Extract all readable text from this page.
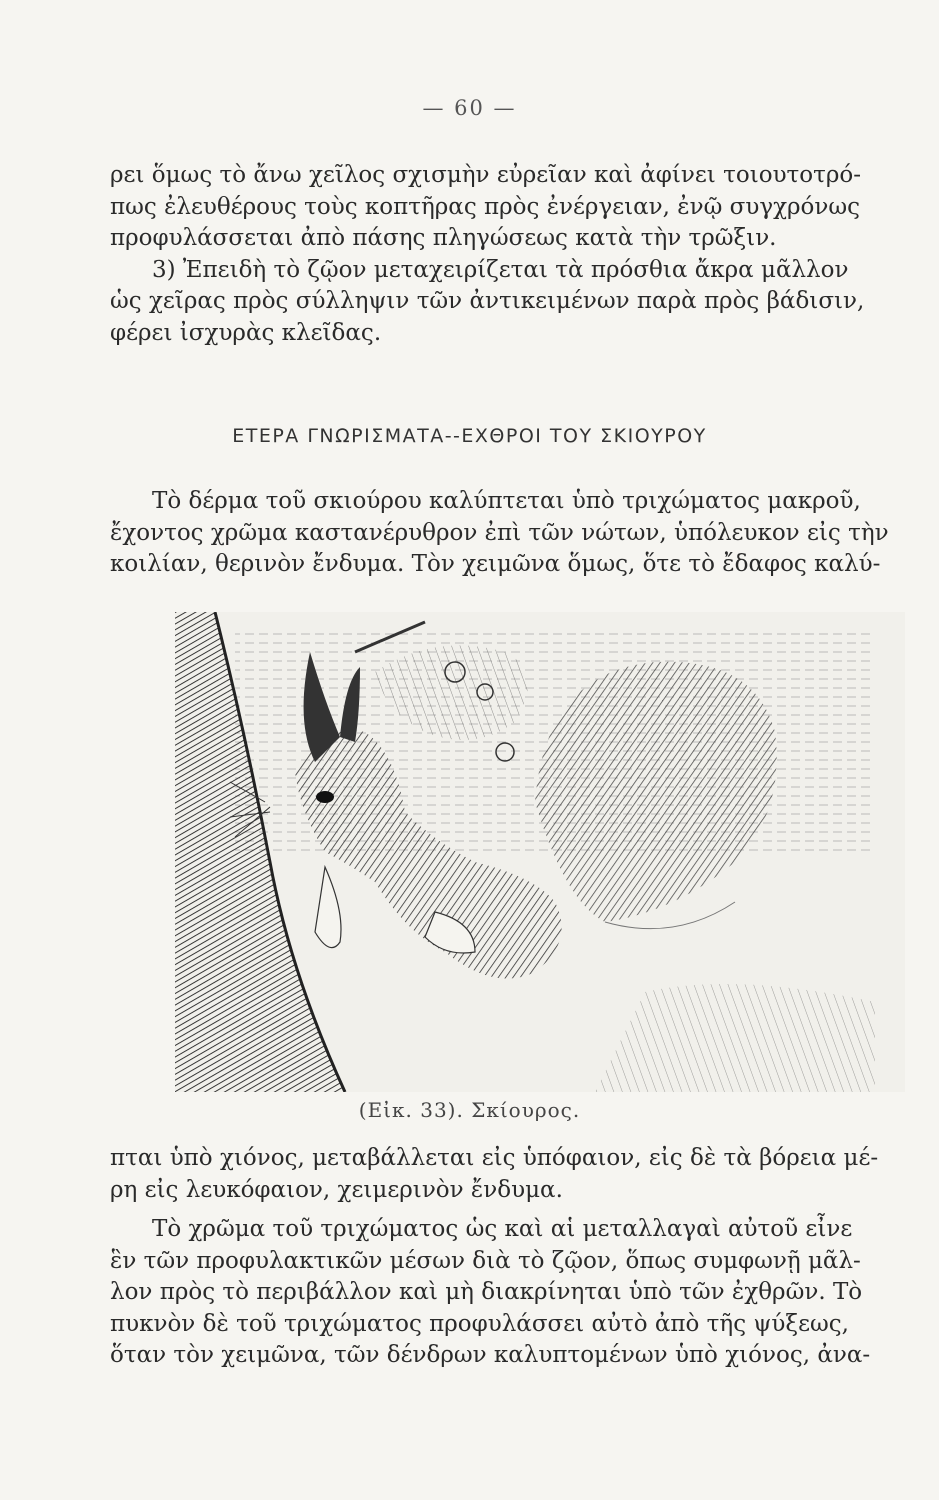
— 60 —

ρει ὅμως τὸ ἄνω χεῖλος σχισμὴν εὐρεῖαν καὶ ἀφίνει τοιουτοτρό-

πως ἐλευθέρους τοὺς κοπτῆρας πρὸς ἐνέργειαν, ἐνῷ συγχρόνως

προφυλάσσεται ἀπὸ πάσης πληγώσεως κατὰ τὴν τρῶξιν.

3) Ἐπειδὴ τὸ ζῷον μεταχειρίζεται τὰ πρόσθια ἄκρα μᾶλλον

ὡς χεῖρας πρὸς σύλληψιν τῶν ἀντικειμένων παρὰ πρὸς βάδισιν,

φέρει ἰσχυρὰς κλεῖδας.

ΕΤΕΡΑ ΓΝΩΡΙΣΜΑΤΑ--ΕΧΘΡΟΙ ΤΟΥ ΣΚΙΟΥΡΟΥ

Τὸ δέρμα τοῦ σκιούρου καλύπτεται ὑπὸ τριχώματος μακροῦ,

ἔχοντος χρῶμα καστανέρυθρον ἐπὶ τῶν νώτων, ὑπόλευκον εἰς τὴν

κοιλίαν, θερινὸν ἔνδυμα. Τὸν χειμῶνα ὅμως, ὅτε τὸ ἔδαφος καλύ-

(Εἰκ. 33). Σκίουρος.

πται ὑπὸ χιόνος, μεταβάλλεται εἰς ὑπόφαιον, εἰς δὲ τὰ βόρεια μέ-

ρη εἰς λευκόφαιον, χειμερινὸν ἔνδυμα.

Τὸ χρῶμα τοῦ τριχώματος ὡς καὶ αἱ μεταλλαγαὶ αὐτοῦ εἶνε

ἓν τῶν προφυλακτικῶν μέσων διὰ τὸ ζῷον, ὅπως συμφωνῇ μᾶλ-

λον πρὸς τὸ περιβάλλον καὶ μὴ διακρίνηται ὑπὸ τῶν ἐχθρῶν. Τὸ

πυκνὸν δὲ τοῦ τριχώματος προφυλάσσει αὐτὸ ἀπὸ τῆς ψύξεως,

ὅταν τὸν χειμῶνα, τῶν δένδρων καλυπτομένων ὑπὸ χιόνος, ἀνα-
